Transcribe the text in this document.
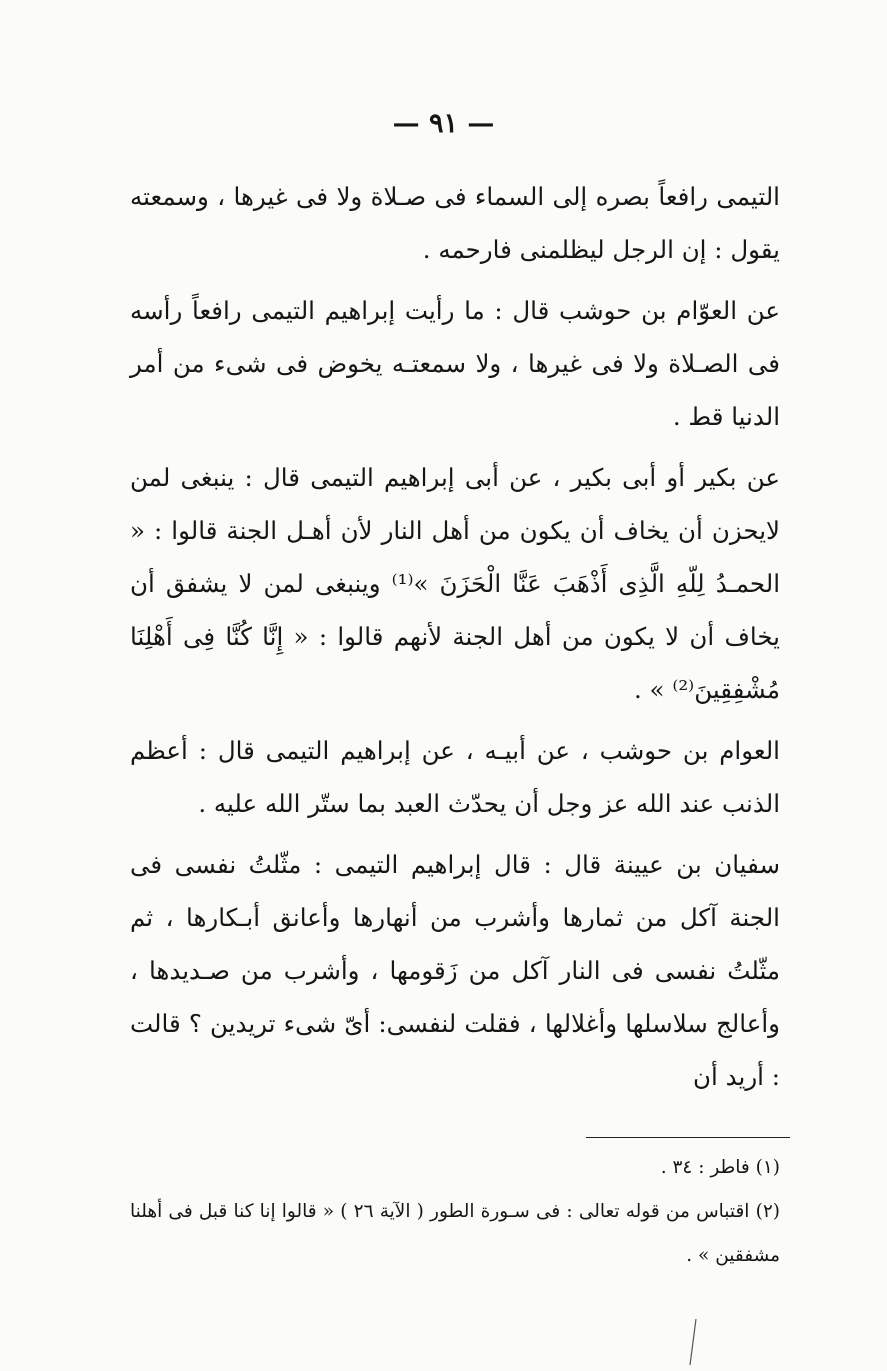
— ٩١ —

التيمى رافعاً بصره إلى السماء فى صـلاة ولا فى غيرها ، وسمعته يقول : إن الرجل ليظلمنى فارحمه .

عن العوّام بن حوشب قال : ما رأيت إبراهيم التيمى رافعاً رأسه فى الصـلاة ولا فى غيرها ، ولا سمعتـه يخوض فى شىء من أمر الدنيا قط .

عن بكير أو أبى بكير ، عن أبى إبراهيم التيمى قال : ينبغى لمن لايحزن أن يخاف أن يكون من أهل النار لأن أهـل الجنة قالوا : « الحمـدُ لِلّهِ الَّذِى أَذْهَبَ عَنَّا الْحَزَنَ »⁽¹⁾ وينبغى لمن لا يشفق أن يخاف أن لا يكون من أهل الجنة لأنهم قالوا : « إِنَّا كُنَّا فِى أَهْلِنَا مُشْفِقِينَ⁽²⁾ » .

العوام بن حوشب ، عن أبيـه ، عن إبراهيم التيمى قال : أعظم الذنب عند الله عز وجل أن يحدّث العبد بما ستّر الله عليه .

سفيان بن عيينة قال : قال إبراهيم التيمى : مثّلتُ نفسى فى الجنة آكل من ثمارها وأشرب من أنهارها وأعانق أبـكارها ، ثم مثّلتُ نفسى فى النار آكل من زَقومها ، وأشرب من صـديدها ، وأعالج سلاسلها وأغلالها ، فقلت لنفسى: أىّ شىء تريدين ؟ قالت : أريد أن

(١) فاطر : ٣٤ .

(٢) اقتباس من قوله تعالى : فى سـورة الطور ( الآية ٢٦ ) « قالوا إنا كنا قبل فى أهلنا مشفقين » .
